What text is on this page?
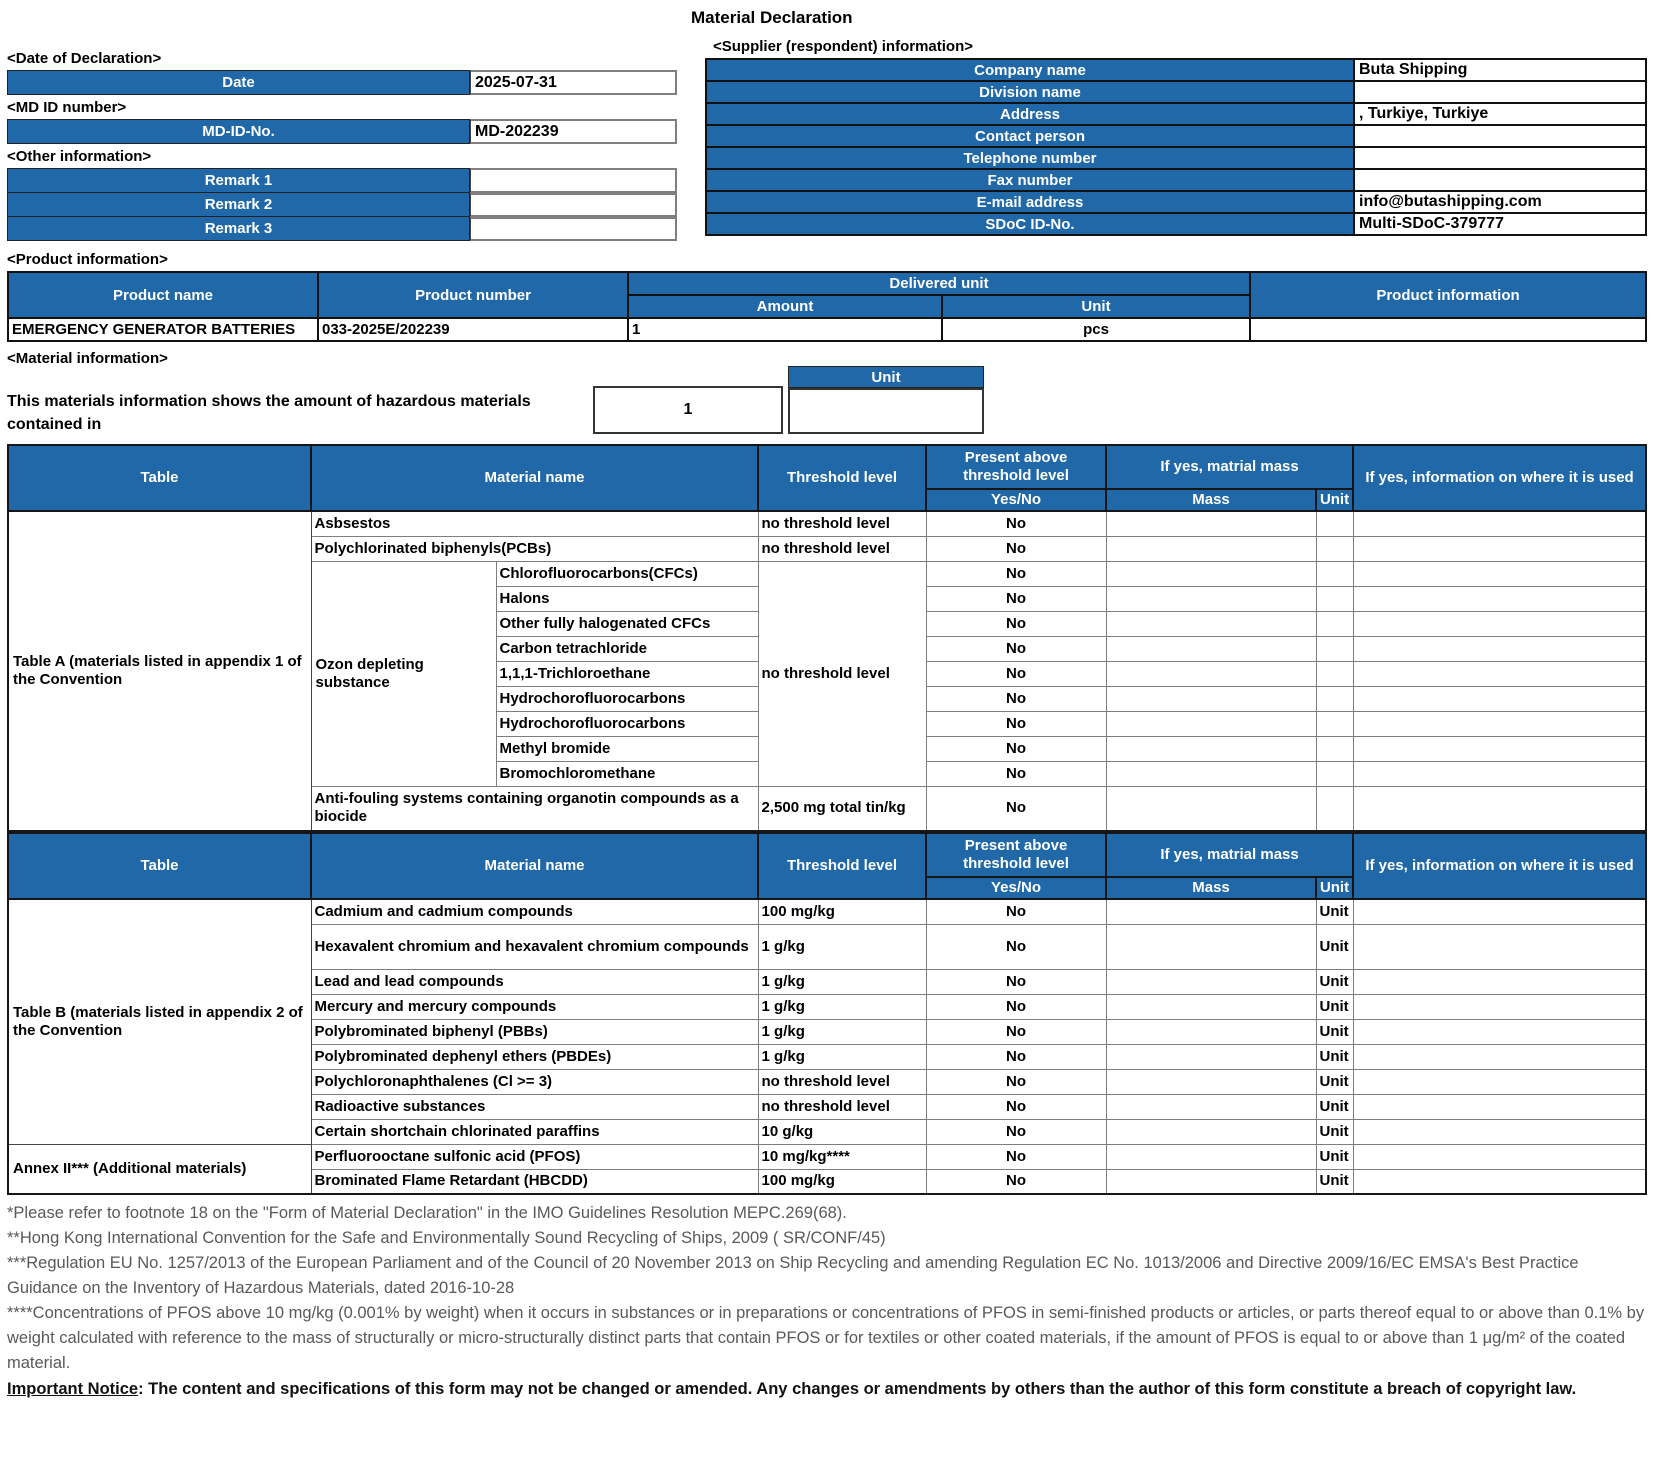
Material Declaration
<Date of Declaration>
Date	2025-07-31
<MD ID number>
MD-ID-No.	MD-202239
<Other information>
Remark 1
Remark 2
Remark 3
<Supplier (respondent) information>
Company name	Buta Shipping
Division name	
Address	, Turkiye, Turkiye
Contact person	
Telephone number	
Fax number	
E-mail address	info@butashipping.com
SDoC ID-No.	Multi-SDoC-379777
<Product information>
Product name	Product number	Delivered unit		Product information
		Amount	Unit	
EMERGENCY GENERATOR BATTERIES	033-2025E/202239	1	pcs	
<Material information>
This materials information shows the amount of hazardous materials contained in
1
Unit
Table	Material name		Threshold level	Present above threshold level	If yes, matrial mass		If yes, information on where it is used
				Yes/No	Mass	Unit	
Table A (materials listed in appendix 1 of the Convention	Asbsestos		no threshold level	No			
	Polychlorinated biphenyls(PCBs)		no threshold level	No			
	Ozon depleting substance	Chlorofluorocarbons(CFCs)	no threshold level	No			
		Halons		No			
		Other fully halogenated CFCs		No			
		Carbon tetrachloride		No			
		1,1,1-Trichloroethane		No			
		Hydrochorofluorocarbons		No			
		Hydrochorofluorocarbons		No			
		Methyl bromide		No			
		Bromochloromethane		No			
	Anti-fouling systems containing organotin compounds as a biocide		2,500 mg total tin/kg	No			
Table	Material name	Threshold level	Present above threshold level	If yes, matrial mass		If yes, information on where it is used
			Yes/No	Mass	Unit	
Table B (materials listed in appendix 2 of the Convention	Cadmium and cadmium compounds	100 mg/kg	No		Unit	
	Hexavalent chromium and hexavalent chromium compounds	1 g/kg	No		Unit	
	Lead and lead compounds	1 g/kg	No		Unit	
	Mercury and mercury compounds	1 g/kg	No		Unit	
	Polybrominated biphenyl (PBBs)	1 g/kg	No		Unit	
	Polybrominated dephenyl ethers (PBDEs)	1 g/kg	No		Unit	
	Polychloronaphthalenes (Cl >= 3)	no threshold level	No		Unit	
	Radioactive substances	no threshold level	No		Unit	
	Certain shortchain chlorinated paraffins	10 g/kg	No		Unit	
Annex II*** (Additional materials)	Perfluorooctane sulfonic acid (PFOS)	10 mg/kg****	No		Unit	
	Brominated Flame Retardant (HBCDD)	100 mg/kg	No		Unit	
*Please refer to footnote 18 on the "Form of Material Declaration" in the IMO Guidelines Resolution MEPC.269(68).
**Hong Kong International Convention for the Safe and Environmentally Sound Recycling of Ships, 2009 ( SR/CONF/45)
***Regulation EU No. 1257/2013 of the European Parliament and of the Council of 20 November 2013 on Ship Recycling and amending Regulation EC No. 1013/2006 and Directive 2009/16/EC EMSA's Best Practice Guidance on the Inventory of Hazardous Materials, dated 2016-10-28
****Concentrations of PFOS above 10 mg/kg (0.001% by weight) when it occurs in substances or in preparations or concentrations of PFOS in semi-finished products or articles, or parts thereof equal to or above than 0.1% by weight calculated with reference to the mass of structurally or micro-structurally distinct parts that contain PFOS or for textiles or other coated materials, if the amount of PFOS is equal to or above than 1 μg/m² of the coated material.
Important Notice: The content and specifications of this form may not be changed or amended. Any changes or amendments by others than the author of this form constitute a breach of copyright law.
